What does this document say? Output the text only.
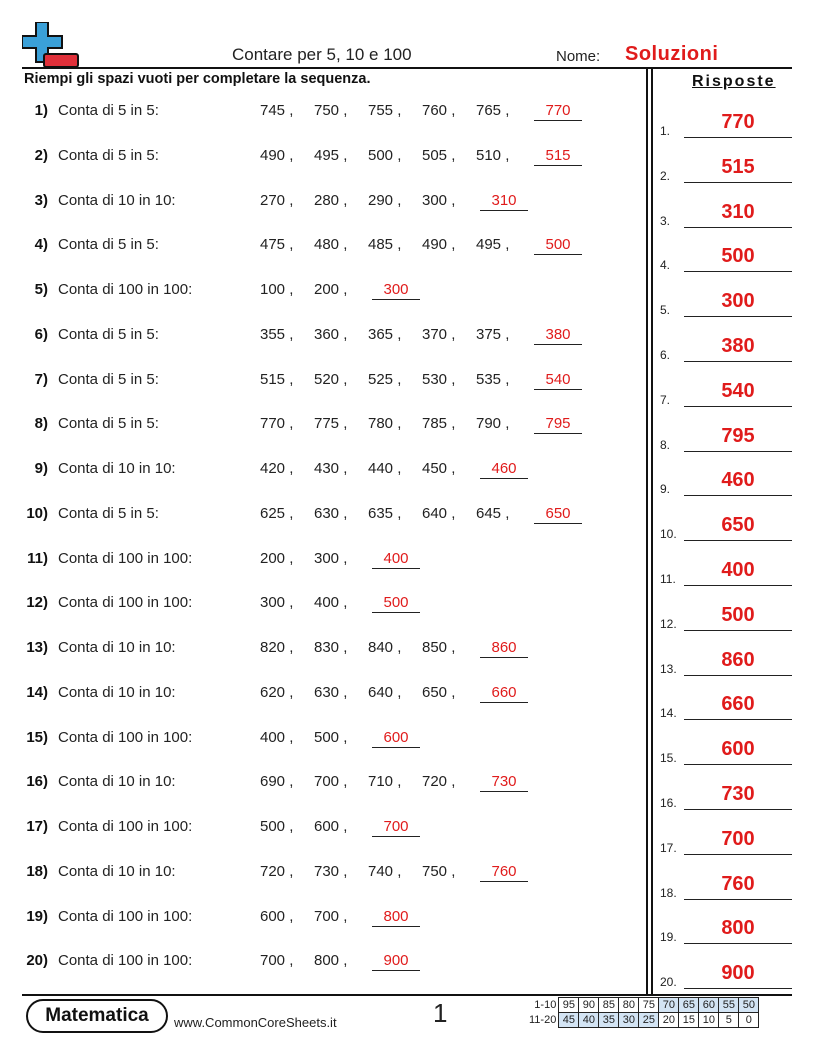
Contare per 5, 10 e 100	Nome: Soluzioni
Riempi gli spazi vuoti per completare la sequenza.
1) Conta di 5 in 5:	745 , 750 , 755 , 760 , 765 ,	770
2) Conta di 5 in 5:	490 , 495 , 500 , 505 , 510 ,	515
3) Conta di 10 in 10:	270 , 280 , 290 , 300 ,	310
4) Conta di 5 in 5:	475 , 480 , 485 , 490 , 495 ,	500
5) Conta di 100 in 100:	100 , 200 ,	300
6) Conta di 5 in 5:	355 , 360 , 365 , 370 , 375 ,	380
7) Conta di 5 in 5:	515 , 520 , 525 , 530 , 535 ,	540
8) Conta di 5 in 5:	770 , 775 , 780 , 785 , 790 ,	795
9) Conta di 10 in 10:	420 , 430 , 440 , 450 ,	460
10) Conta di 5 in 5:	625 , 630 , 635 , 640 , 645 ,	650
11) Conta di 100 in 100:	200 , 300 ,	400
12) Conta di 100 in 100:	300 , 400 ,	500
13) Conta di 10 in 10:	820 , 830 , 840 , 850 ,	860
14) Conta di 10 in 10:	620 , 630 , 640 , 650 ,	660
15) Conta di 100 in 100:	400 , 500 ,	600
16) Conta di 10 in 10:	690 , 700 , 710 , 720 ,	730
17) Conta di 100 in 100:	500 , 600 ,	700
18) Conta di 10 in 10:	720 , 730 , 740 , 750 ,	760
19) Conta di 100 in 100:	600 , 700 ,	800
20) Conta di 100 in 100:	700 , 800 ,	900
Risposte
1.	770
2.	515
3.	310
4.	500
5.	300
6.	380
7.	540
8.	795
9.	460
10.	650
11.	400
12.	500
13.	860
14.	660
15.	600
16.	730
17.	700
18.	760
19.	800
20.	900
Matematica	www.CommonCoreSheets.it	1	1-10	95	90	85	80	75	70	65	60	55	50
11-20	45	40	35	30	25	20	15	10	5	0
